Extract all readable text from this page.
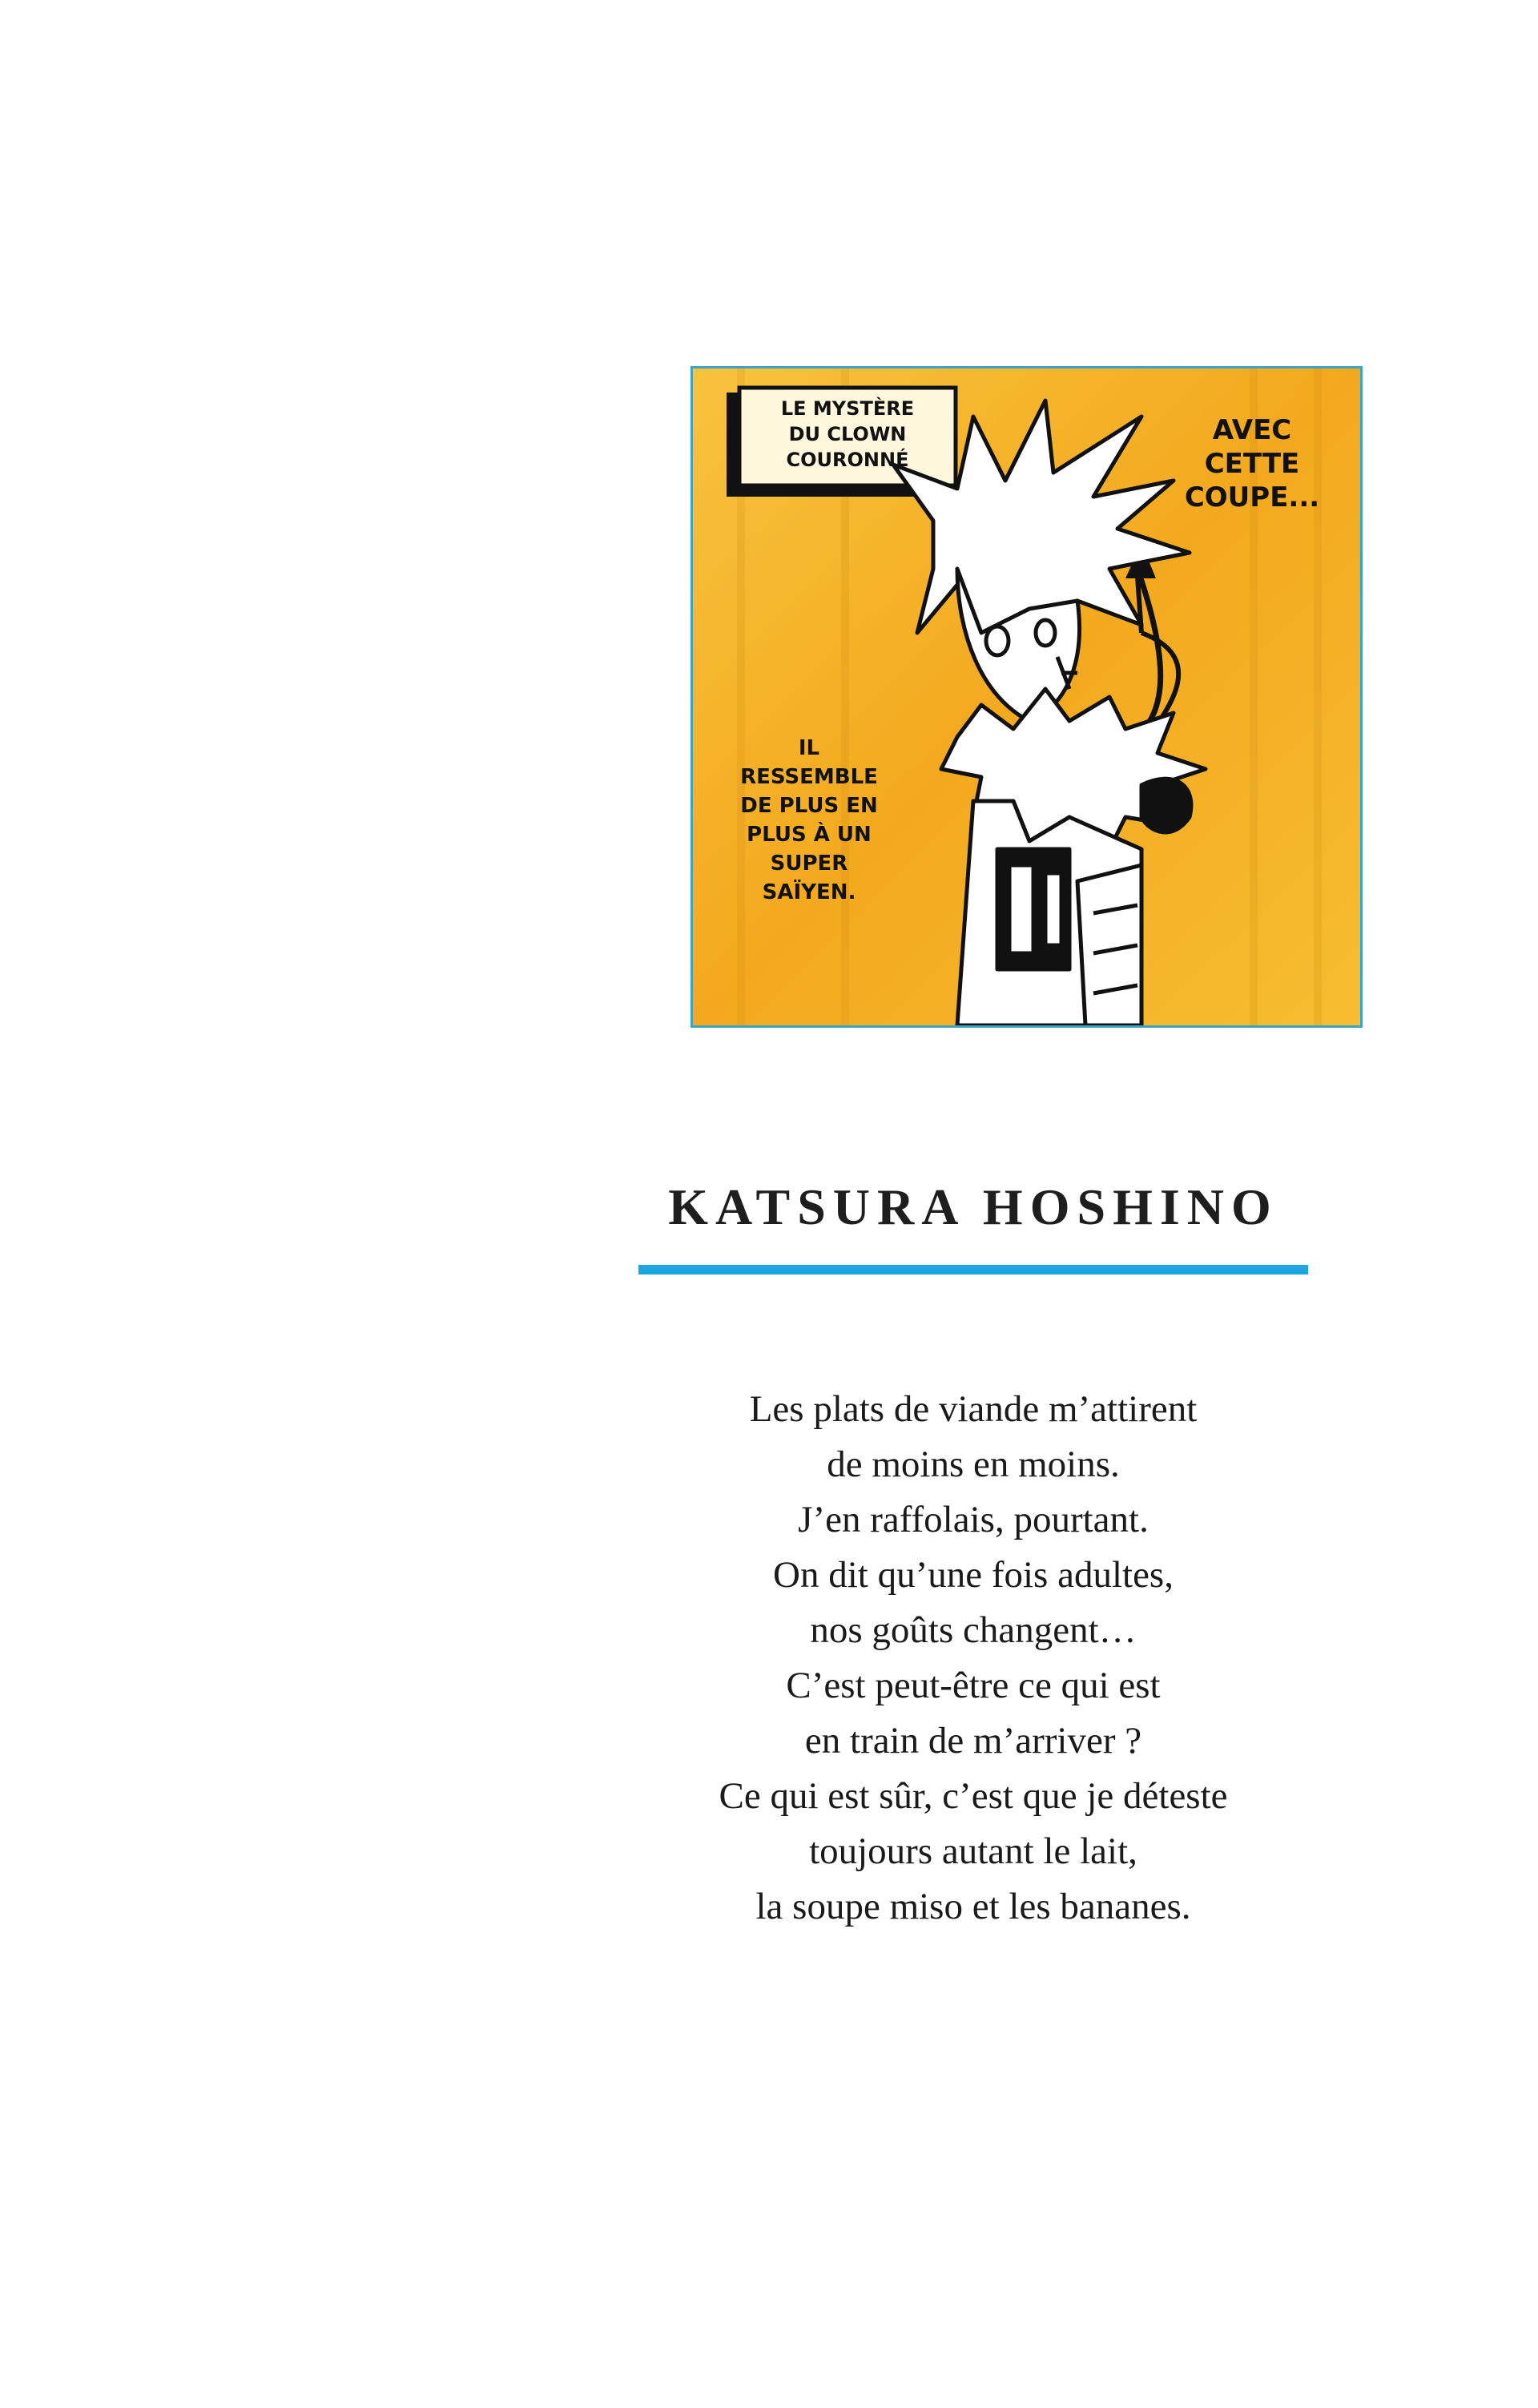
LE MYSTÈRE
DU CLOWN
COURONNÉ
AVEC
CETTE
COUPE...
IL
RESSEMBLE
DE PLUS EN
PLUS À UN
SUPER
SAÏYEN.
KATSURA HOSHINO
Les plats de viande m’attirent
de moins en moins.
J’en raffolais, pourtant.
On dit qu’une fois adultes,
nos goûts changent…
C’est peut-être ce qui est
en train de m’arriver ?
Ce qui est sûr, c’est que je déteste
toujours autant le lait,
la soupe miso et les bananes.
